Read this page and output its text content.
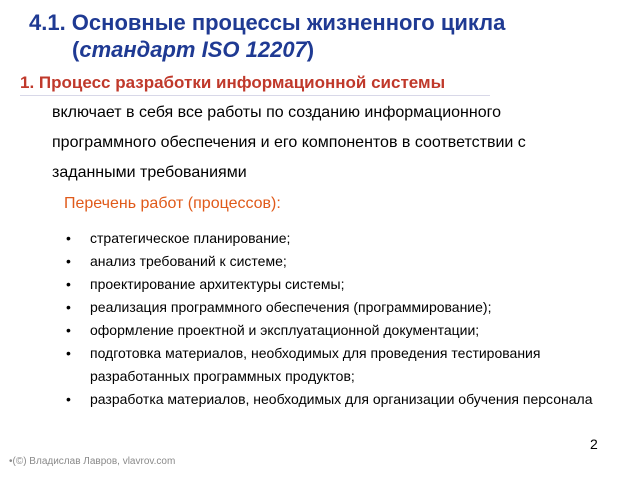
4.1. Основные процессы жизненного цикла
(стандарт ISO 12207)
1. Процесс разработки информационной системы
включает в себя все работы по созданию информационного
программного обеспечения и его компонентов в соответствии с
заданными требованиями
Перечень работ (процессов):
• стратегическое планирование;
• анализ требований к системе;
• проектирование архитектуры системы;
• реализация программного обеспечения (программирование);
• оформление проектной и эксплуатационной документации;
• подготовка материалов, необходимых для проведения тестирования разработанных программных продуктов;
• разработка материалов, необходимых для организации обучения персонала
2
•(©) Владислав Лавров, vlavrov.com
